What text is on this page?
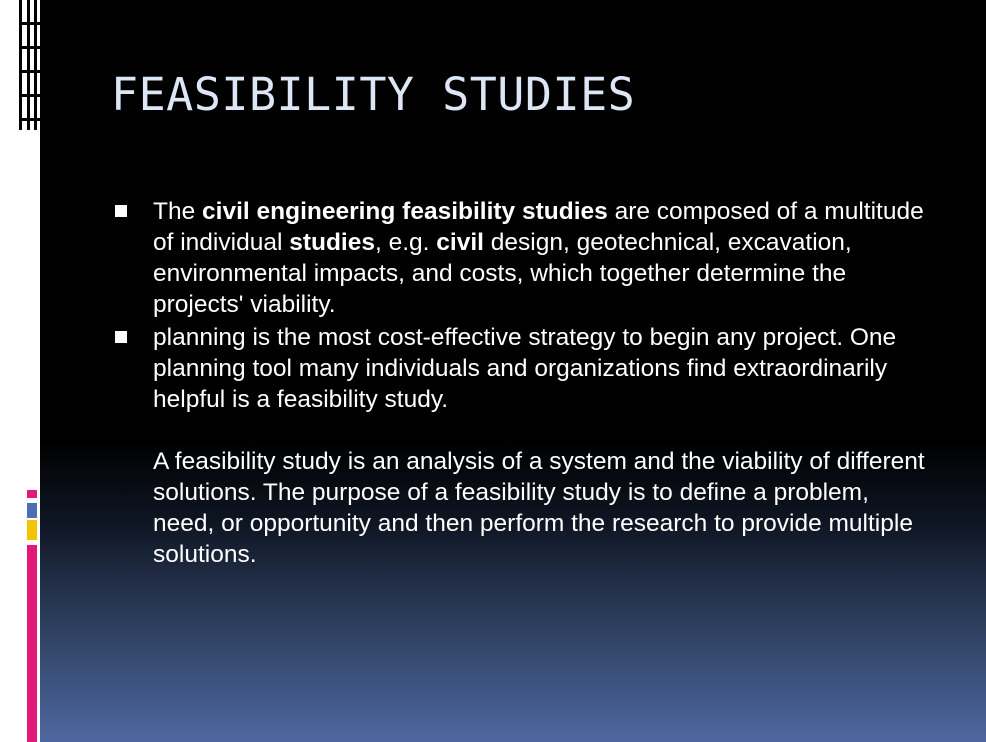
FEASIBILITY STUDIES

The civil engineering feasibility studies are composed of a multitude of individual studies, e.g. civil design, geotechnical, excavation, environmental impacts, and costs, which together determine the projects' viability.

planning is the most cost-effective strategy to begin any project. One planning tool many individuals and organizations find extraordinarily helpful is a feasibility study.

A feasibility study is an analysis of a system and the viability of different solutions. The purpose of a feasibility study is to define a problem, need, or opportunity and then perform the research to provide multiple solutions.
